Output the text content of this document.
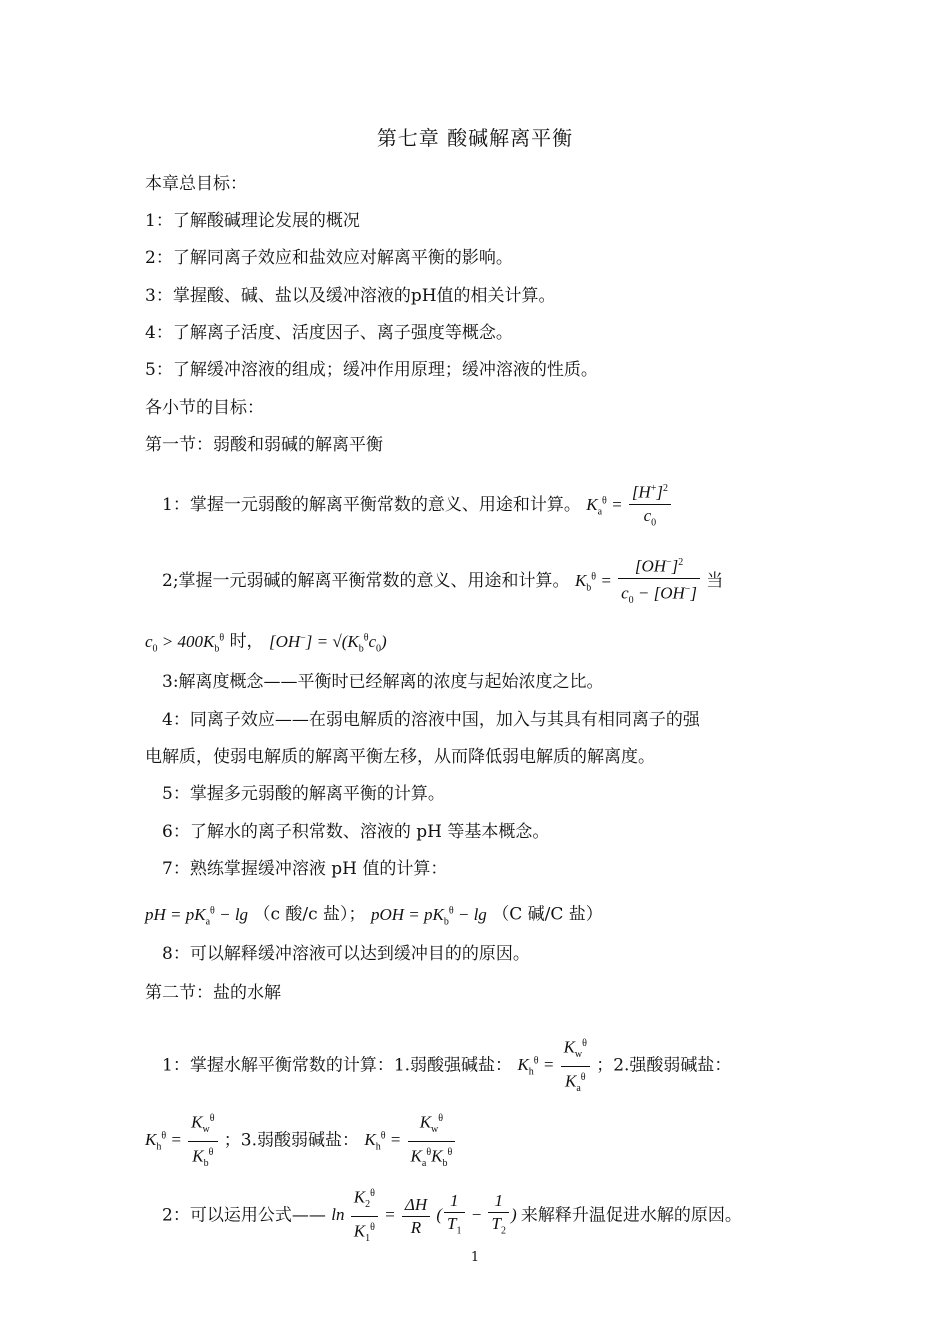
第七章 酸碱解离平衡
本章总目标：
1：了解酸碱理论发展的概况
2：了解同离子效应和盐效应对解离平衡的影响。
3：掌握酸、碱、盐以及缓冲溶液的pH值的相关计算。
4：了解离子活度、活度因子、离子强度等概念。
5：了解缓冲溶液的组成；缓冲作用原理；缓冲溶液的性质。
各小节的目标：
第一节：弱酸和弱碱的解离平衡
1：掌握一元弱酸的解离平衡常数的意义、用途和计算。 $K_a^\theta = \frac{[H^+]^2}{c_0}$
2;掌握一元弱碱的解离平衡常数的意义、用途和计算。 $K_b^\theta = \frac{[OH^-]^2}{c_0 - [OH^-]}$ 当
$c_0 > 400K_b^\theta$ 时， $[OH^-] = √(K_b^\theta c_0)$
3:解离度概念——平衡时已经解离的浓度与起始浓度之比。
4：同离子效应——在弱电解质的溶液中国，加入与其具有相同离子的强
电解质，使弱电解质的解离平衡左移，从而降低弱电解质的解离度。
5：掌握多元弱酸的解离平衡的计算。
6：了解水的离子积常数、溶液的 pH 等基本概念。
7：熟练掌握缓冲溶液 pH 值的计算：
pH = $pK_a^\theta - \lg (c$ 酸/c 盐）； pOH = $pK_b^\theta - \lg (C$ 碱/C 盐）
8：可以解释缓冲溶液可以达到缓冲目的的原因。
第二节：盐的水解
1：掌握水解平衡常数的计算：1.弱酸强碱盐： $K_h^\theta = \frac{K_w^\theta}{K_a^\theta}$ ；2.强酸弱碱盐：
$K_h^\theta = \frac{K_w^\theta}{K_b^\theta}$ ；3.弱酸弱碱盐： $K_h^\theta = \frac{K_w^\theta}{K_a^\theta K_b^\theta}$
2：可以运用公式—— $\ln \frac{K_2^\theta}{K_1^\theta} = \frac{\Delta H}{R}$ ( $\frac{1}{T_1} - \frac{1}{T_2}$ ) 来解释升温促进水解的原因。
1
